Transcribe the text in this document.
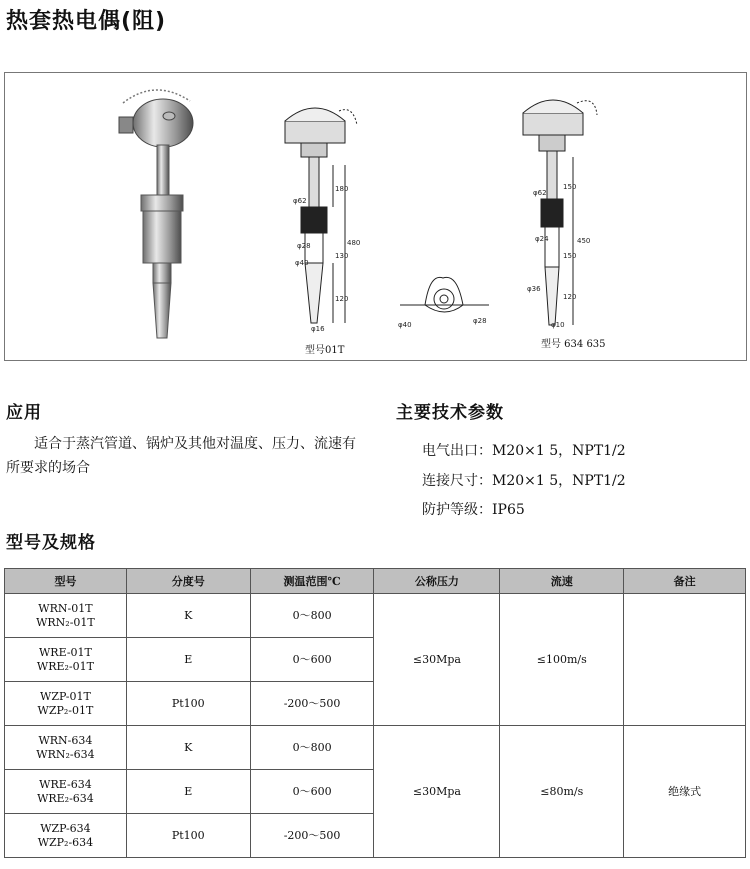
热套热电偶(阻)
180
φ62
480
φ28
130
φ40
120
φ16	φ40	φ28
φ62
150
450
φ24
150
φ36
120
φ10
型号01T
型号 634 635
应用
适合于蒸汽管道、锅炉及其他对温度、压力、流速有所要求的场合
主要技术参数
电气出口：M20×1 5，NPT1/2
连接尺寸：M20×1 5，NPT1/2
防护等级：IP65
型号及规格
型号	分度号	测温范围℃	公称压力	流速	备注
WRN-01T
WRN₂-01T	K	0～800	≤30Mpa	≤100m/s	
WRE-01T
WRE₂-01T	E	0～600			
WZP-01T
WZP₂-01T	Pt100	-200～500			
WRN-634
WRN₂-634	K	0～800	≤30Mpa	≤80m/s	绝缘式
WRE-634
WRE₂-634	E	0～600			
WZP-634
WZP₂-634	Pt100	-200～500			
